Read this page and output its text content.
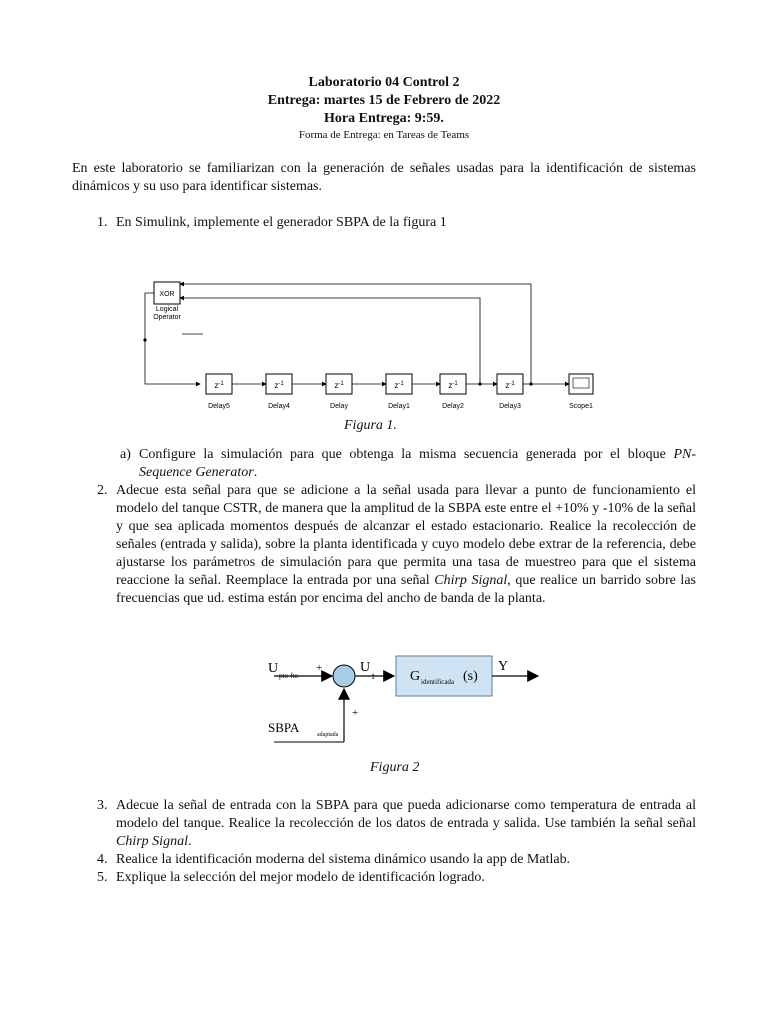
Laboratorio 04 Control 2
Entrega: martes 15 de Febrero de 2022
Hora Entrega: 9:59.
Forma de Entrega: en Tareas de Teams
En este laboratorio se familiarizan con la generación de señales usadas para la identificación de sistemas dinámicos y su uso para identificar sistemas.
1. En Simulink, implemente el generador SBPA de la figura 1
XOR
Logical
Operator
$z^{-1}$
Delay5
$z^{-1}$
Delay4
$z^{-1}$
Delay
$z^{-1}$
Delay1
$z^{-1}$
Delay2
$z^{-1}$
Delay3	Scope1
Figura 1.
a) Configure la simulación para que obtenga la misma secuencia generada por el bloque PN-Sequence Generator.
2. Adecue esta señal para que se adicione a la señal usada para llevar a punto de funcionamiento el modelo del tanque CSTR, de manera que la amplitud de la SBPA este entre el +10% y -10% de la señal y que sea aplicada momentos después de alcanzar el estado estacionario. Realice la recolección de señales (entrada y salida), sobre la planta identificada y cuyo modelo debe extrar de la referencia, debe ajustarse los parámetros de simulación para que permita una tasa de muestreo para que el sistema reaccione la señal. Reemplace la entrada por una señal Chirp Signal, que realice un barrido sobre las frecuencias que ud. estima están por encima del ancho de banda de la planta.
U pto-fto
+
+
SBPA	adaptada
U
1	G identificada (s)
Y
Figura 2
3. Adecue la señal de entrada con la SBPA para que pueda adicionarse como temperatura de entrada al modelo del tanque. Realice la recolección de los datos de entrada y salida. Use también la señal señal Chirp Signal.
4. Realice la identificación moderna del sistema dinámico usando la app de Matlab.
5. Explique la selección del mejor modelo de identificación logrado.
